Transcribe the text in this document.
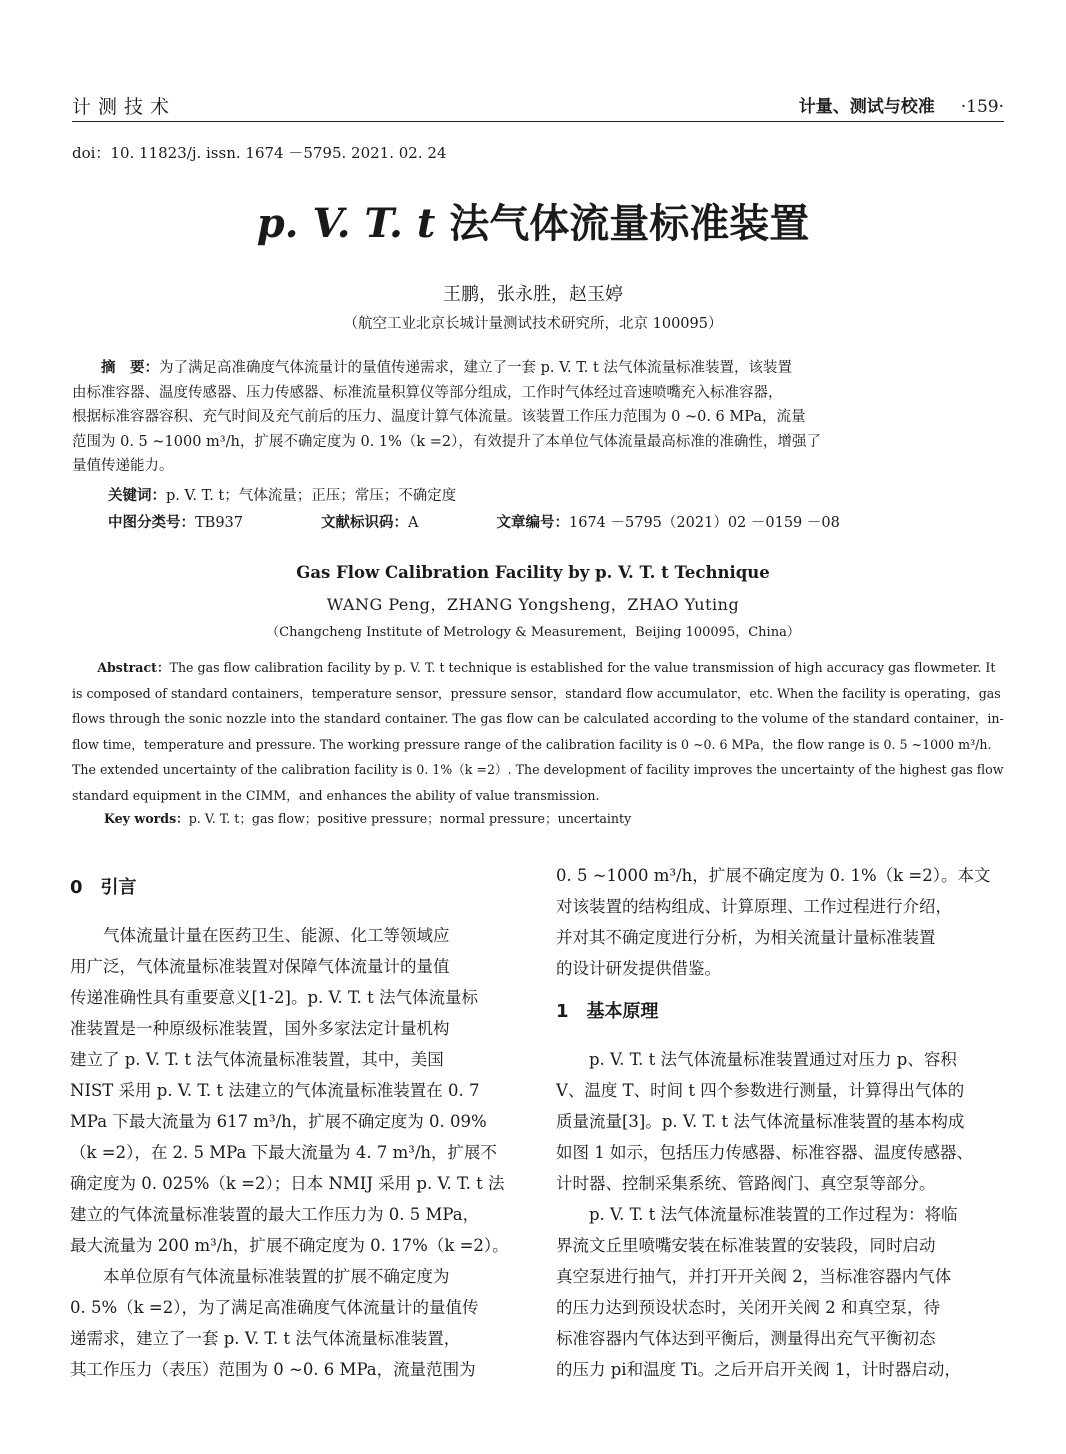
计测技术	计量、测试与校准 ·159·
doi：10. 11823/j. issn. 1674 －5795. 2021. 02. 24
p. V. T. t 法气体流量标准装置
王鹏，张永胜，赵玉婷
（航空工业北京长城计量测试技术研究所，北京 100095）
　　摘　要：为了满足高准确度气体流量计的量值传递需求，建立了一套 p. V. T. t 法气体流量标准装置，该装置
由标准容器、温度传感器、压力传感器、标准流量积算仪等部分组成，工作时气体经过音速喷嘴充入标准容器，
根据标准容器容积、充气时间及充气前后的压力、温度计算气体流量。该装置工作压力范围为 0 ~0. 6 MPa，流量
范围为 0. 5 ~1000 m³/h，扩展不确定度为 0. 1%（k =2），有效提升了本单位气体流量最高标准的准确性，增强了
量值传递能力。
关键词：p. V. T. t；气体流量；正压；常压；不确定度
中图分类号：TB937	文献标识码：A	文章编号：1674 －5795（2021）02 －0159 －08
Gas Flow Calibration Facility by p. V. T. t Technique
WANG Peng，ZHANG Yongsheng，ZHAO Yuting
（Changcheng Institute of Metrology & Measurement，Beijing 100095，China）
　　Abstract：The gas flow calibration facility by p. V. T. t technique is established for the value transmission of high accuracy gas flowmeter. It
is composed of standard containers，temperature sensor，pressure sensor，standard flow accumulator，etc. When the facility is operating，gas
flows through the sonic nozzle into the standard container. The gas flow can be calculated according to the volume of the standard container，in-
flow time，temperature and pressure. The working pressure range of the calibration facility is 0 ~0. 6 MPa，the flow range is 0. 5 ~1000 m³/h.
The extended uncertainty of the calibration facility is 0. 1%（k =2）. The development of facility improves the uncertainty of the highest gas flow
standard equipment in the CIMM，and enhances the ability of value transmission.
Key words：p. V. T. t；gas flow；positive pressure；normal pressure；uncertainty
0　引言
　　气体流量计量在医药卫生、能源、化工等领域应
用广泛，气体流量标准装置对保障气体流量计的量值
传递准确性具有重要意义[1-2]。p. V. T. t 法气体流量标
准装置是一种原级标准装置，国外多家法定计量机构
建立了 p. V. T. t 法气体流量标准装置，其中，美国
NIST 采用 p. V. T. t 法建立的气体流量标准装置在 0. 7
MPa 下最大流量为 617 m³/h，扩展不确定度为 0. 09%
（k =2），在 2. 5 MPa 下最大流量为 4. 7 m³/h，扩展不
确定度为 0. 025%（k =2）；日本 NMIJ 采用 p. V. T. t 法
建立的气体流量标准装置的最大工作压力为 0. 5 MPa，
最大流量为 200 m³/h，扩展不确定度为 0. 17%（k =2）。
　　本单位原有气体流量标准装置的扩展不确定度为
0. 5%（k =2），为了满足高准确度气体流量计的量值传
递需求，建立了一套 p. V. T. t 法气体流量标准装置，
其工作压力（表压）范围为 0 ~0. 6 MPa，流量范围为
0. 5 ~1000 m³/h，扩展不确定度为 0. 1%（k =2）。本文
对该装置的结构组成、计算原理、工作过程进行介绍，
并对其不确定度进行分析，为相关流量计量标准装置
的设计研发提供借鉴。
1　基本原理
　　p. V. T. t 法气体流量标准装置通过对压力 p、容积
V、温度 T、时间 t 四个参数进行测量，计算得出气体的
质量流量[3]。p. V. T. t 法气体流量标准装置的基本构成
如图 1 如示，包括压力传感器、标准容器、温度传感器、
计时器、控制采集系统、管路阀门、真空泵等部分。
　　p. V. T. t 法气体流量标准装置的工作过程为：将临
界流文丘里喷嘴安装在标准装置的安装段，同时启动
真空泵进行抽气，并打开开关阀 2，当标准容器内气体
的压力达到预设状态时，关闭开关阀 2 和真空泵，待
标准容器内气体达到平衡后，测量得出充气平衡初态
的压力 pi和温度 Ti。之后开启开关阀 1，计时器启动，
